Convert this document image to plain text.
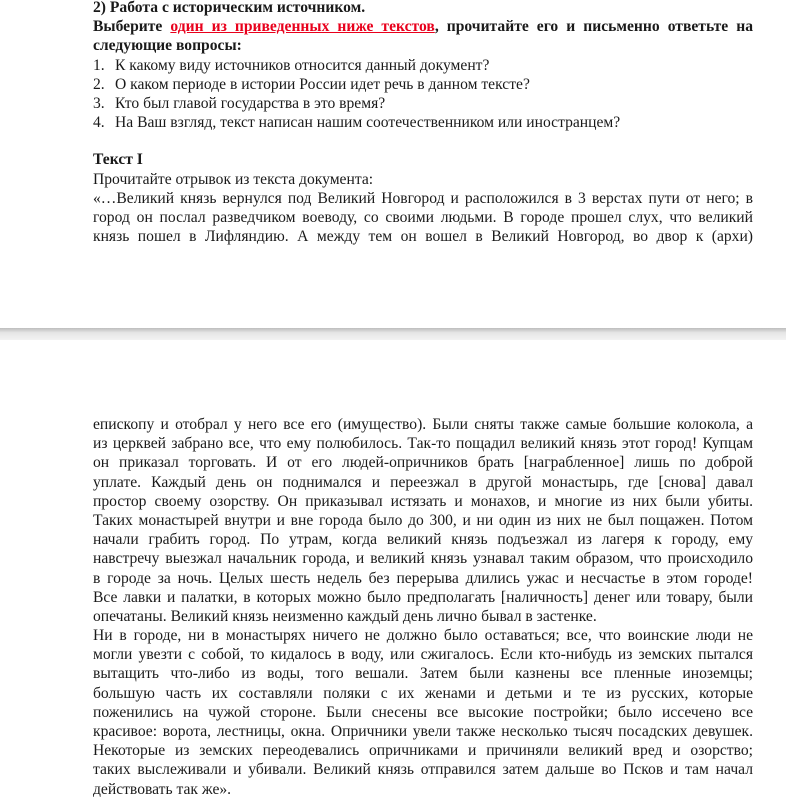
2) Работа с историческим источником.
Выберите один из приведенных ниже текстов, прочитайте его и письменно ответьте на
следующие вопросы:
1. К какому виду источников относится данный документ?
2. О каком периоде в истории России идет речь в данном тексте?
3. Кто был главой государства в это время?
4. На Ваш взгляд, текст написан нашим соотечественником или иностранцем?
Текст I
Прочитайте отрывок из текста документа:
«…Великий князь вернулся под Великий Новгород и расположился в 3 верстах пути от него; в
город он послал разведчиком воеводу, со своими людьми. В городе прошел слух, что великий
князь пошел в Лифляндию. А между тем он вошел в Великий Новгород, во двор к (архи)
епископу и отобрал у него все его (имущество). Были сняты также самые большие колокола, а
из церквей забрано все, что ему полюбилось. Так-то пощадил великий князь этот город! Купцам
он приказал торговать. И от его людей-опричников брать [награбленное] лишь по доброй
уплате. Каждый день он поднимался и переезжал в другой монастырь, где [снова] давал
простор своему озорству. Он приказывал истязать и монахов, и многие из них были убиты.
Таких монастырей внутри и вне города было до 300, и ни один из них не был пощажен. Потом
начали грабить город. По утрам, когда великий князь подъезжал из лагеря к городу, ему
навстречу выезжал начальник города, и великий князь узнавал таким образом, что происходило
в городе за ночь. Целых шесть недель без перерыва длились ужас и несчастье в этом городе!
Все лавки и палатки, в которых можно было предполагать [наличность] денег или товару, были
опечатаны. Великий князь неизменно каждый день лично бывал в застенке.
Ни в городе, ни в монастырях ничего не должно было оставаться; все, что воинские люди не
могли увезти с собой, то кидалось в воду, или сжигалось. Если кто-нибудь из земских пытался
вытащить что-либо из воды, того вешали. Затем были казнены все пленные иноземцы;
большую часть их составляли поляки с их женами и детьми и те из русских, которые
поженились на чужой стороне. Были снесены все высокие постройки; было иссечено все
красивое: ворота, лестницы, окна. Опричники увели также несколько тысяч посадских девушек.
Некоторые из земских переодевались опричниками и причиняли великий вред и озорство;
таких выслеживали и убивали. Великий князь отправился затем дальше во Псков и там начал
действовать так же».
